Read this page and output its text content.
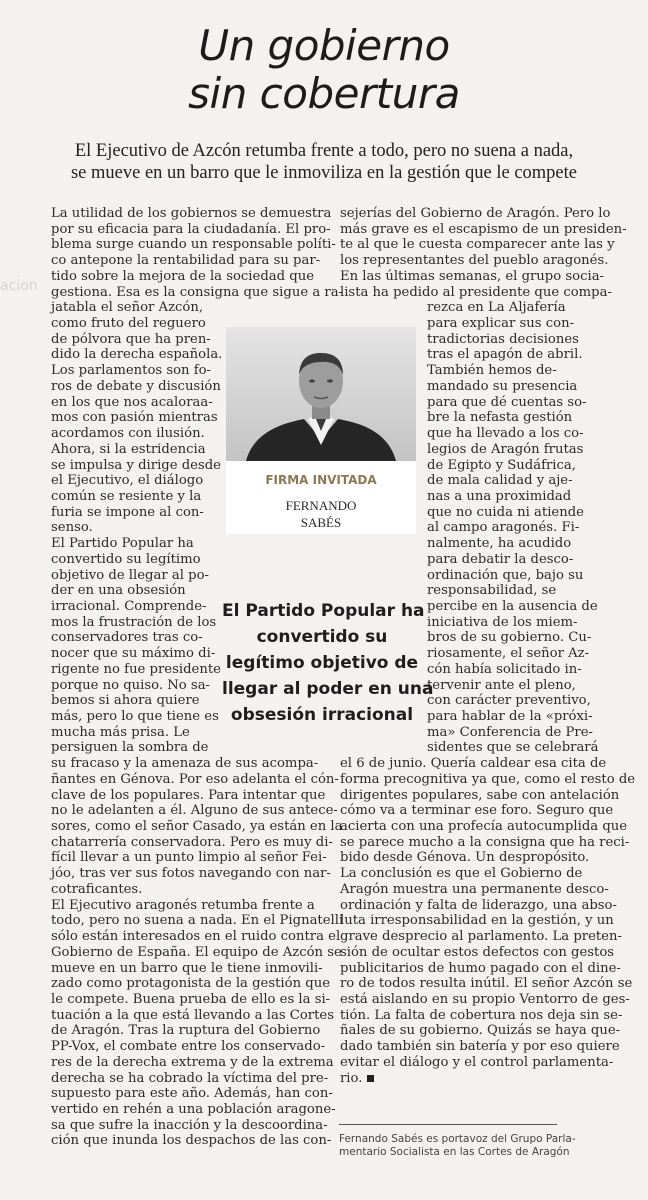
Un gobierno
sin cobertura
El Ejecutivo de Azcón retumba frente a todo, pero no suena a nada,
se mueve en un barro que le inmoviliza en la gestión que le compete
acion
La utilidad de los gobiernos se demuestra
por su eficacia para la ciudadanía. El pro-
blema surge cuando un responsable políti-
co antepone la rentabilidad para su par-
tido sobre la mejora de la sociedad que
gestiona. Esa es la consigna que sigue a ra-
jatabla el señor Azcón,
como fruto del reguero
de pólvora que ha pren-
dido la derecha española.
Los parlamentos son fo-
ros de debate y discusión
en los que nos acaloraa-
mos con pasión mientras
acordamos con ilusión.
Ahora, si la estridencia
se impulsa y dirige desde
el Ejecutivo, el diálogo
común se resiente y la
furia se impone al con-
senso.
El Partido Popular ha
convertido su legítimo
objetivo de llegar al po-
der en una obsesión
irracional. Comprende-
mos la frustración de los
conservadores tras co-
nocer que su máximo di-
rigente no fue presidente
porque no quiso. No sa-
bemos si ahora quiere
más, pero lo que tiene es
mucha más prisa. Le
persiguen la sombra de
su fracaso y la amenaza de sus acompa-
ñantes en Génova. Por eso adelanta el cón-
clave de los populares. Para intentar que
no le adelanten a él. Alguno de sus antece-
sores, como el señor Casado, ya están en la
chatarrería conservadora. Pero es muy di-
fícil llevar a un punto limpio al señor Fei-
jóo, tras ver sus fotos navegando con nar-
cotraficantes.
El Ejecutivo aragonés retumba frente a
todo, pero no suena a nada. En el Pignatelli
sólo están interesados en el ruido contra el
Gobierno de España. El equipo de Azcón se
mueve en un barro que le tiene inmovili-
zado como protagonista de la gestión que
le compete. Buena prueba de ello es la si-
tuación a la que está llevando a las Cortes
de Aragón. Tras la ruptura del Gobierno
PP-Vox, el combate entre los conservado-
res de la derecha extrema y de la extrema
derecha se ha cobrado la víctima del pre-
supuesto para este año. Además, han con-
vertido en rehén a una población aragone-
sa que sufre la inacción y la descoordina-
ción que inunda los despachos de las con-
sejerías del Gobierno de Aragón. Pero lo
más grave es el escapismo de un presiden-
te al que le cuesta comparecer ante las y
los representantes del pueblo aragonés.
En las últimas semanas, el grupo socia-
lista ha pedido al presidente que compa-
rezca en La Aljafería
para explicar sus con-
tradictorias decisiones
tras el apagón de abril.
También hemos de-
mandado su presencia
para que dé cuentas so-
bre la nefasta gestión
que ha llevado a los co-
legios de Aragón frutas
de Egipto y Sudáfrica,
de mala calidad y aje-
nas a una proximidad
que no cuida ni atiende
al campo aragonés. Fi-
nalmente, ha acudido
para debatir la desco-
ordinación que, bajo su
responsabilidad, se
percibe en la ausencia de
iniciativa de los miem-
bros de su gobierno. Cu-
riosamente, el señor Az-
cón había solicitado in-
tervenir ante el pleno,
con carácter preventivo,
para hablar de la «próxi-
ma» Conferencia de Pre-
sidentes que se celebrará
el 6 de junio. Quería caldear esa cita de
forma precognitiva ya que, como el resto de
dirigentes populares, sabe con antelación
cómo va a terminar ese foro. Seguro que
acierta con una profecía autocumplida que
se parece mucho a la consigna que ha reci-
bido desde Génova. Un despropósito.
La conclusión es que el Gobierno de
Aragón muestra una permanente desco-
ordinación y falta de liderazgo, una abso-
luta irresponsabilidad en la gestión, y un
grave desprecio al parlamento. La preten-
sión de ocultar estos defectos con gestos
publicitarios de humo pagado con el dine-
ro de todos resulta inútil. El señor Azcón se
está aislando en su propio Ventorro de ges-
tión. La falta de cobertura nos deja sin se-
ñales de su gobierno. Quizás se haya que-
dado también sin batería y por eso quiere
evitar el diálogo y el control parlamenta-
rio.
FIRMA INVITADA
FERNANDO
SABÉS
El Partido Popular ha
convertido su
legítimo objetivo de
llegar al poder en una
obsesión irracional
Fernando Sabés es portavoz del Grupo Parla-
mentario Socialista en las Cortes de Aragón
